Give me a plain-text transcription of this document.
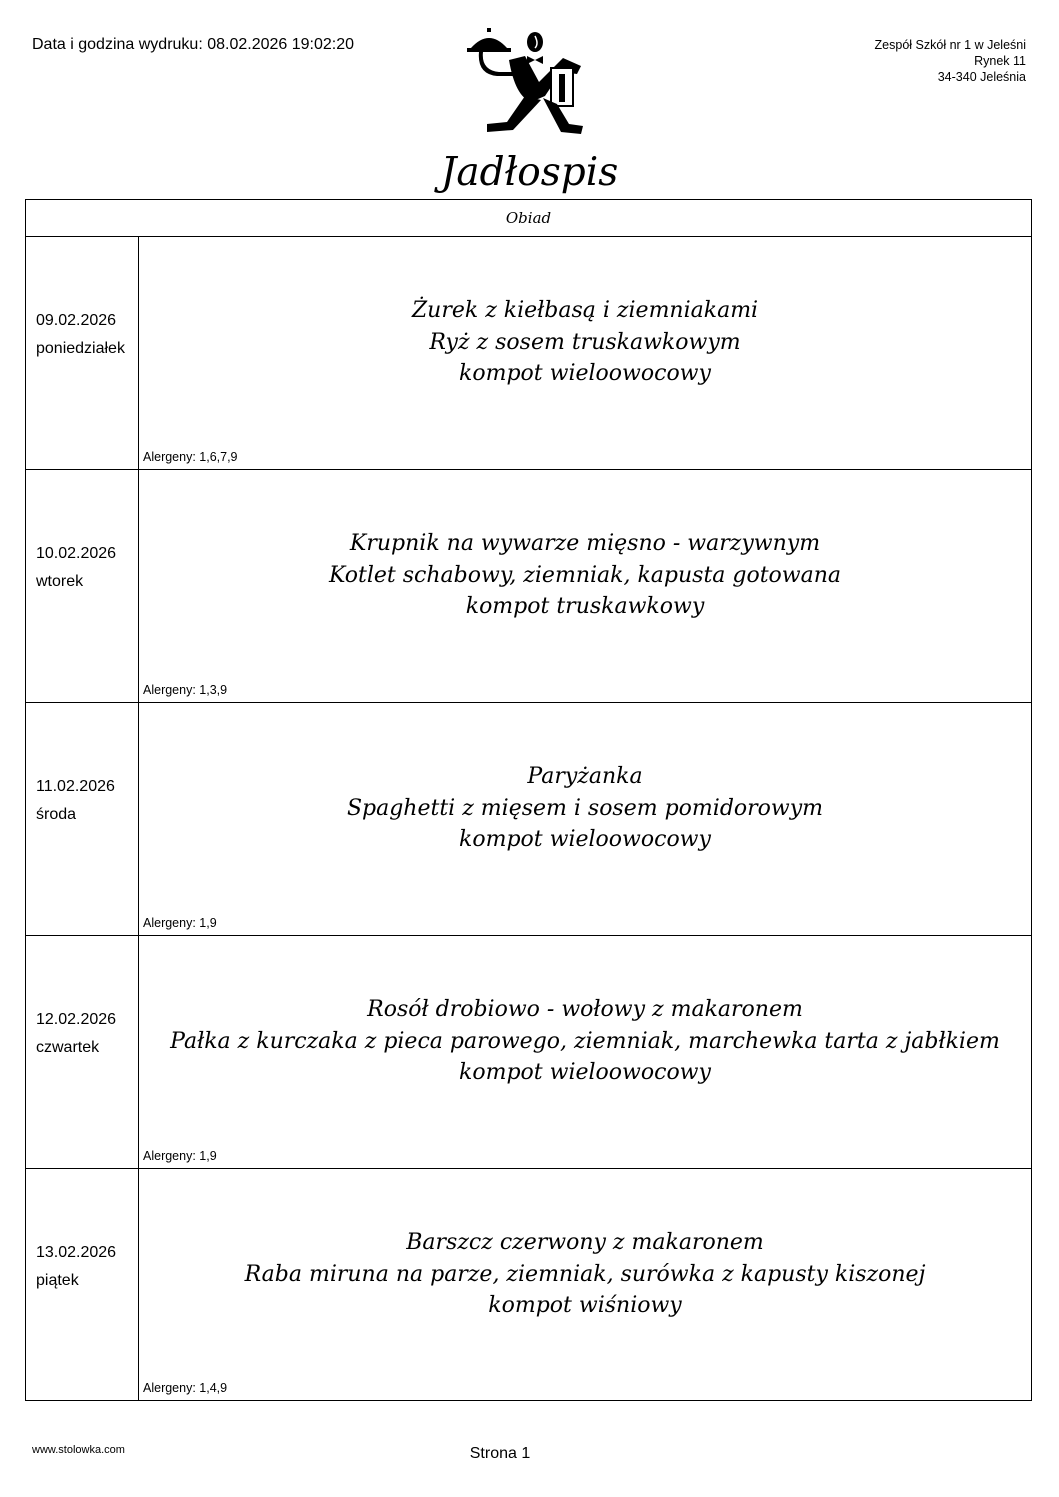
Data i godzina wydruku: 08.02.2026 19:02:20	Zespół Szkół nr 1 w Jeleśni
Rynek 11
34-340 Jeleśnia
Jadłospis
Obiad
09.02.2026
poniedziałek
Żurek z kiełbasą i ziemniakami
Ryż z sosem truskawkowym
kompot wieloowocowy
Alergeny: 1,6,7,9
10.02.2026
wtorek
Krupnik na wywarze mięsno - warzywnym
Kotlet schabowy, ziemniak, kapusta gotowana
kompot truskawkowy
Alergeny: 1,3,9
11.02.2026
środa
Paryżanka
Spaghetti z mięsem i sosem pomidorowym
kompot wieloowocowy
Alergeny: 1,9
12.02.2026
czwartek
Rosół drobiowo - wołowy z makaronem
Pałka z kurczaka z pieca parowego, ziemniak, marchewka tarta z jabłkiem
kompot wieloowocowy
Alergeny: 1,9
13.02.2026
piątek
Barszcz czerwony z makaronem
Raba miruna na parze, ziemniak, surówka z kapusty kiszonej
kompot wiśniowy
Alergeny: 1,4,9
www.stolowka.com	Strona 1
